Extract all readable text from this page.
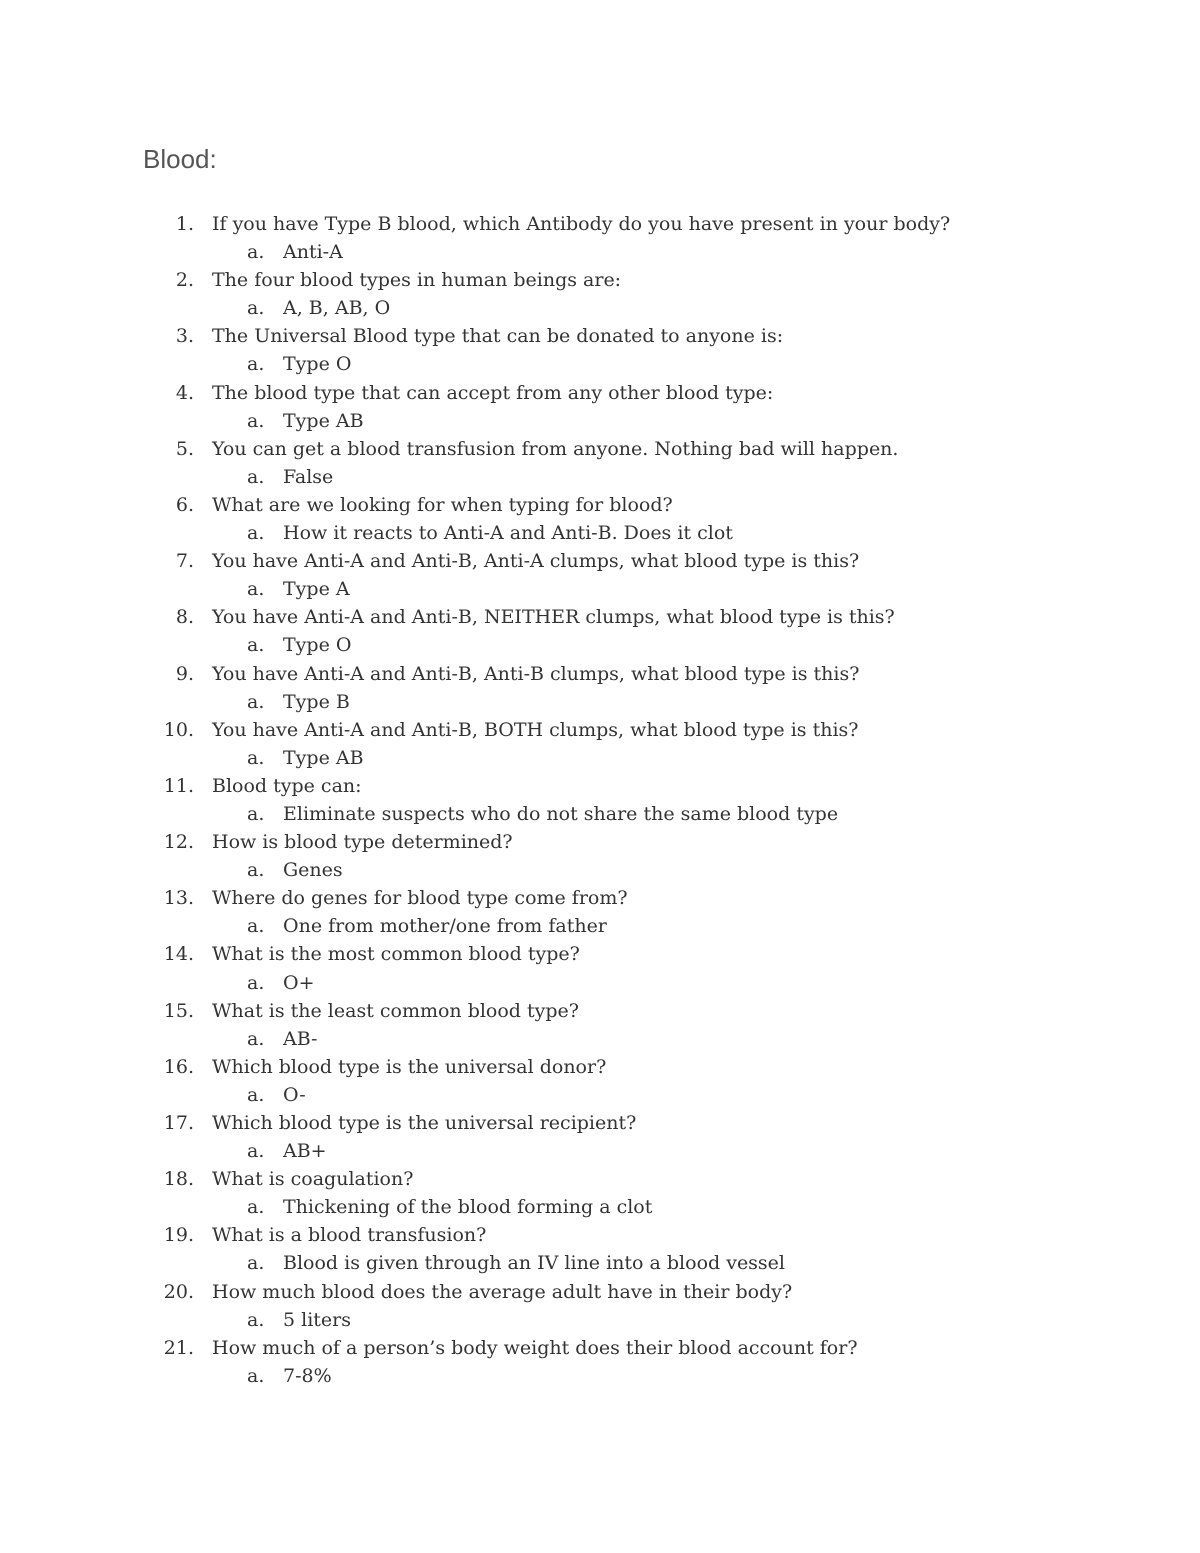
Blood:
1. If you have Type B blood, which Antibody do you have present in your body?
a. Anti-A
2. The four blood types in human beings are:
a. A, B, AB, O
3. The Universal Blood type that can be donated to anyone is:
a. Type O
4. The blood type that can accept from any other blood type:
a. Type AB
5. You can get a blood transfusion from anyone. Nothing bad will happen.
a. False
6. What are we looking for when typing for blood?
a. How it reacts to Anti-A and Anti-B. Does it clot
7. You have Anti-A and Anti-B, Anti-A clumps, what blood type is this?
a. Type A
8. You have Anti-A and Anti-B, NEITHER clumps, what blood type is this?
a. Type O
9. You have Anti-A and Anti-B, Anti-B clumps, what blood type is this?
a. Type B
10. You have Anti-A and Anti-B, BOTH clumps, what blood type is this?
a. Type AB
11. Blood type can:
a. Eliminate suspects who do not share the same blood type
12. How is blood type determined?
a. Genes
13. Where do genes for blood type come from?
a. One from mother/one from father
14. What is the most common blood type?
a. O+
15. What is the least common blood type?
a. AB-
16. Which blood type is the universal donor?
a. O-
17. Which blood type is the universal recipient?
a. AB+
18. What is coagulation?
a. Thickening of the blood forming a clot
19. What is a blood transfusion?
a. Blood is given through an IV line into a blood vessel
20. How much blood does the average adult have in their body?
a. 5 liters
21. How much of a person’s body weight does their blood account for?
a. 7-8%
